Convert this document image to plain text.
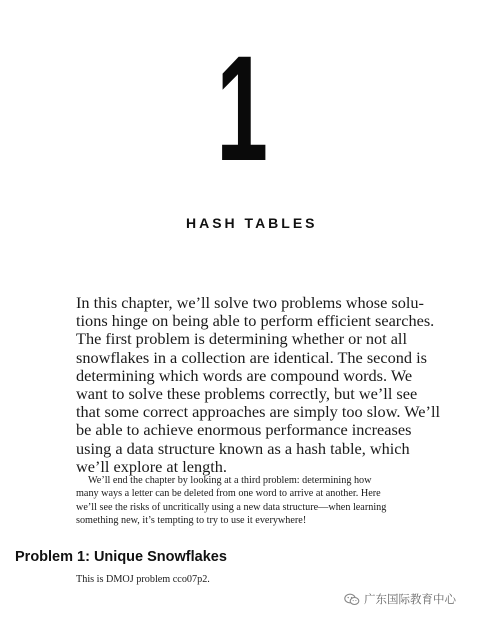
1
HASH TABLES
In this chapter, we’ll solve two problems whose solu-
tions hinge on being able to perform efficient searches.
The first problem is determining whether or not all
snowflakes in a collection are identical. The second is
determining which words are compound words. We
want to solve these problems correctly, but we’ll see
that some correct approaches are simply too slow. We’ll
be able to achieve enormous performance increases
using a data structure known as a hash table, which
we’ll explore at length.
We’ll end the chapter by looking at a third problem: determining how
many ways a letter can be deleted from one word to arrive at another. Here
we’ll see the risks of uncritically using a new data structure—when learning
something new, it’s tempting to try to use it everywhere!
Problem 1: Unique Snowflakes
This is DMOJ problem cco07p2.
广东国际教育中心
